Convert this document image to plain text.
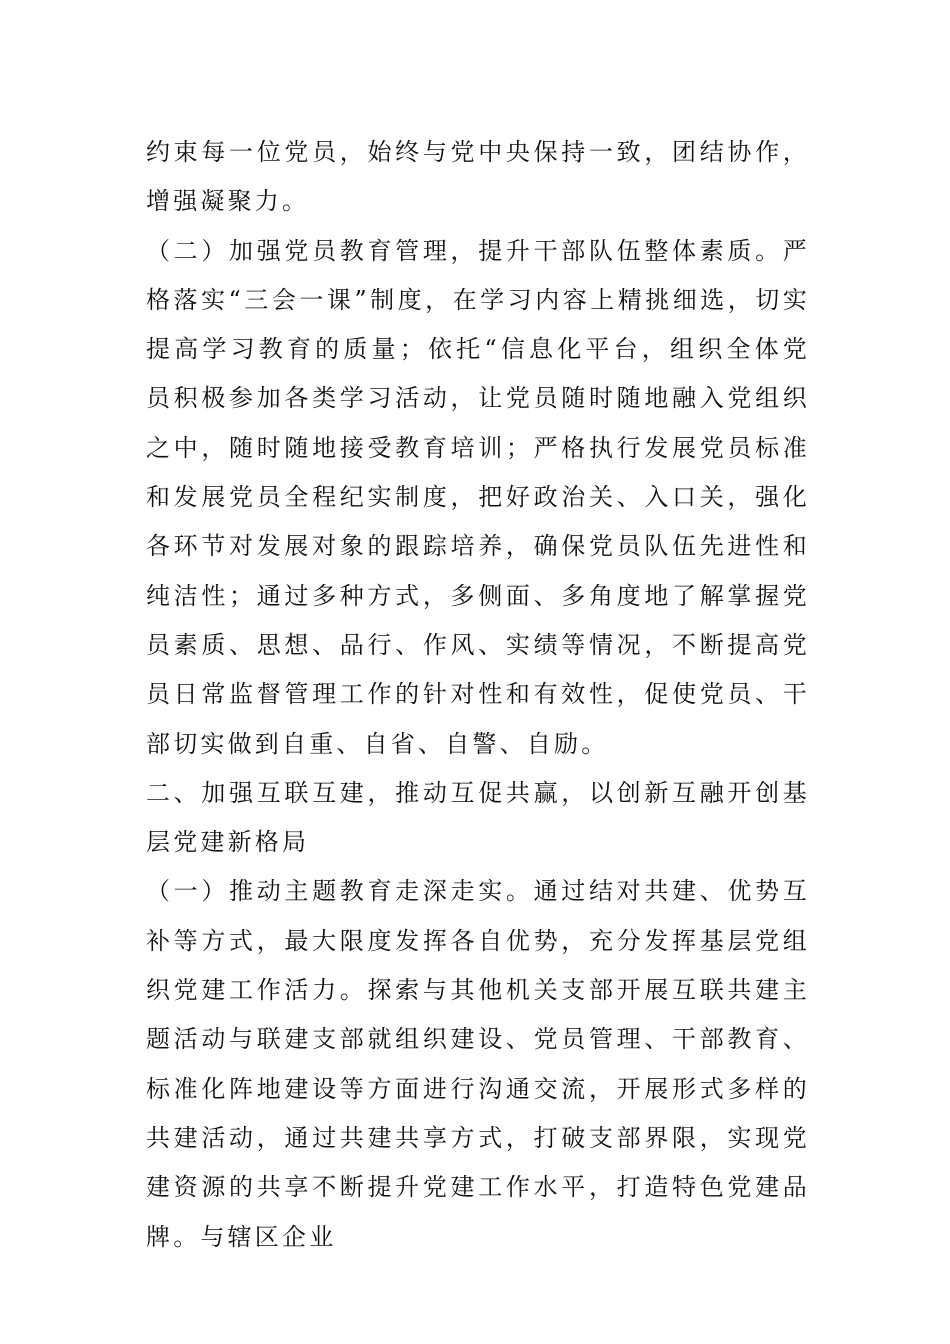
约束每一位党员，始终与党中央保持一致，团结协作，增强凝聚力。

（二）加强党员教育管理，提升干部队伍整体素质。严格落实“三会一课”制度，在学习内容上精挑细选，切实提高学习教育的质量；依托“信息化平台，组织全体党员积极参加各类学习活动，让党员随时随地融入党组织之中，随时随地接受教育培训；严格执行发展党员标准和发展党员全程纪实制度，把好政治关、入口关，强化各环节对发展对象的跟踪培养，确保党员队伍先进性和纯洁性；通过多种方式，多侧面、多角度地了解掌握党员素质、思想、品行、作风、实绩等情况，不断提高党员日常监督管理工作的针对性和有效性，促使党员、干部切实做到自重、自省、自警、自励。

二、加强互联互建，推动互促共赢，以创新互融开创基层党建新格局

（一）推动主题教育走深走实。通过结对共建、优势互补等方式，最大限度发挥各自优势，充分发挥基层党组织党建工作活力。探索与其他机关支部开展互联共建主题活动与联建支部就组织建设、党员管理、干部教育、标准化阵地建设等方面进行沟通交流，开展形式多样的共建活动，通过共建共享方式，打破支部界限，实现党建资源的共享不断提升党建工作水平，打造特色党建品牌。与辖区企业
